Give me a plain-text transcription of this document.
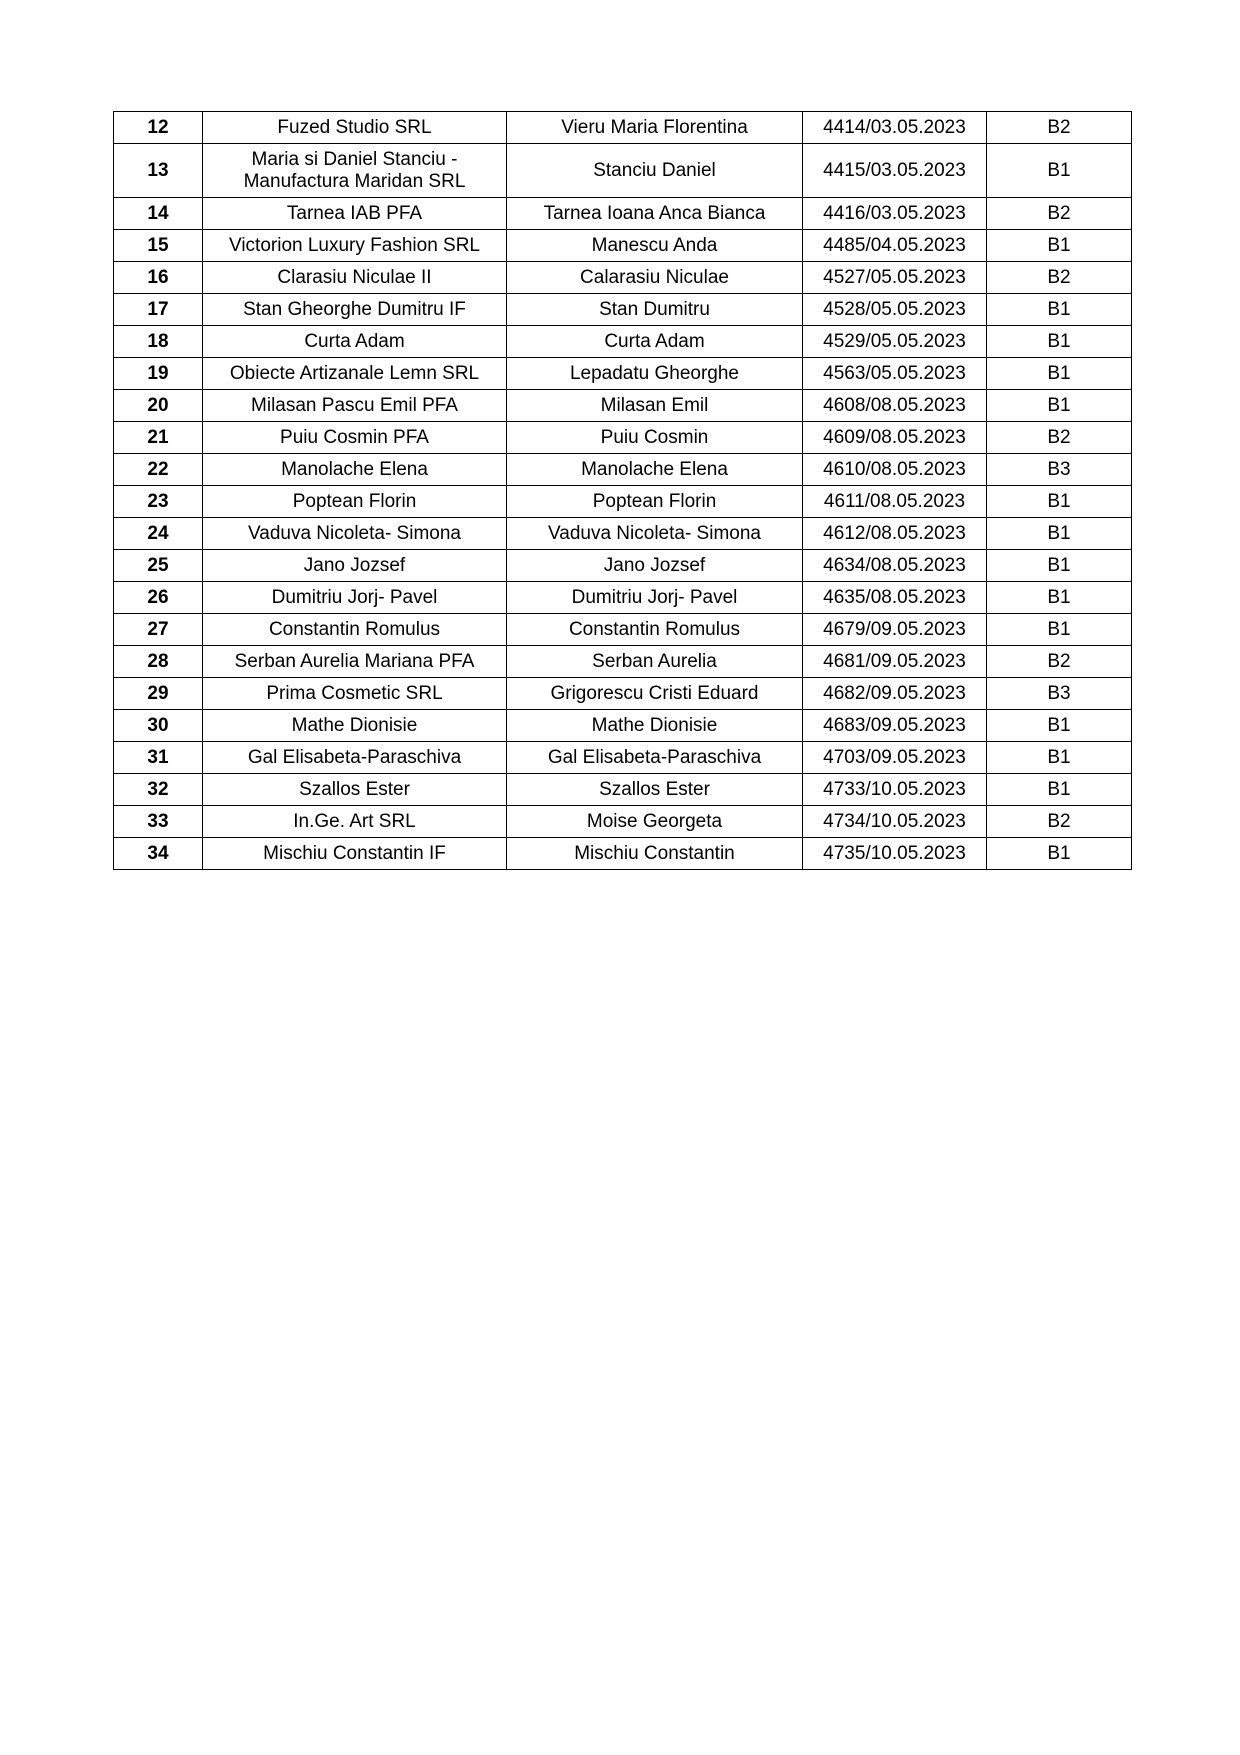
12	Fuzed Studio SRL	Vieru Maria Florentina	4414/03.05.2023	B2
13	Maria si Daniel Stanciu - Manufactura Maridan SRL	Stanciu Daniel	4415/03.05.2023	B1
14	Tarnea IAB PFA	Tarnea Ioana Anca Bianca	4416/03.05.2023	B2
15	Victorion Luxury Fashion SRL	Manescu Anda	4485/04.05.2023	B1
16	Clarasiu Niculae II	Calarasiu Niculae	4527/05.05.2023	B2
17	Stan Gheorghe Dumitru IF	Stan Dumitru	4528/05.05.2023	B1
18	Curta Adam	Curta Adam	4529/05.05.2023	B1
19	Obiecte Artizanale Lemn SRL	Lepadatu Gheorghe	4563/05.05.2023	B1
20	Milasan Pascu Emil PFA	Milasan Emil	4608/08.05.2023	B1
21	Puiu Cosmin PFA	Puiu Cosmin	4609/08.05.2023	B2
22	Manolache Elena	Manolache Elena	4610/08.05.2023	B3
23	Poptean Florin	Poptean Florin	4611/08.05.2023	B1
24	Vaduva Nicoleta- Simona	Vaduva Nicoleta- Simona	4612/08.05.2023	B1
25	Jano Jozsef	Jano Jozsef	4634/08.05.2023	B1
26	Dumitriu Jorj- Pavel	Dumitriu Jorj- Pavel	4635/08.05.2023	B1
27	Constantin Romulus	Constantin Romulus	4679/09.05.2023	B1
28	Serban Aurelia Mariana PFA	Serban Aurelia	4681/09.05.2023	B2
29	Prima Cosmetic SRL	Grigorescu Cristi Eduard	4682/09.05.2023	B3
30	Mathe Dionisie	Mathe Dionisie	4683/09.05.2023	B1
31	Gal Elisabeta-Paraschiva	Gal Elisabeta-Paraschiva	4703/09.05.2023	B1
32	Szallos Ester	Szallos Ester	4733/10.05.2023	B1
33	In.Ge. Art SRL	Moise Georgeta	4734/10.05.2023	B2
34	Mischiu Constantin IF	Mischiu Constantin	4735/10.05.2023	B1
